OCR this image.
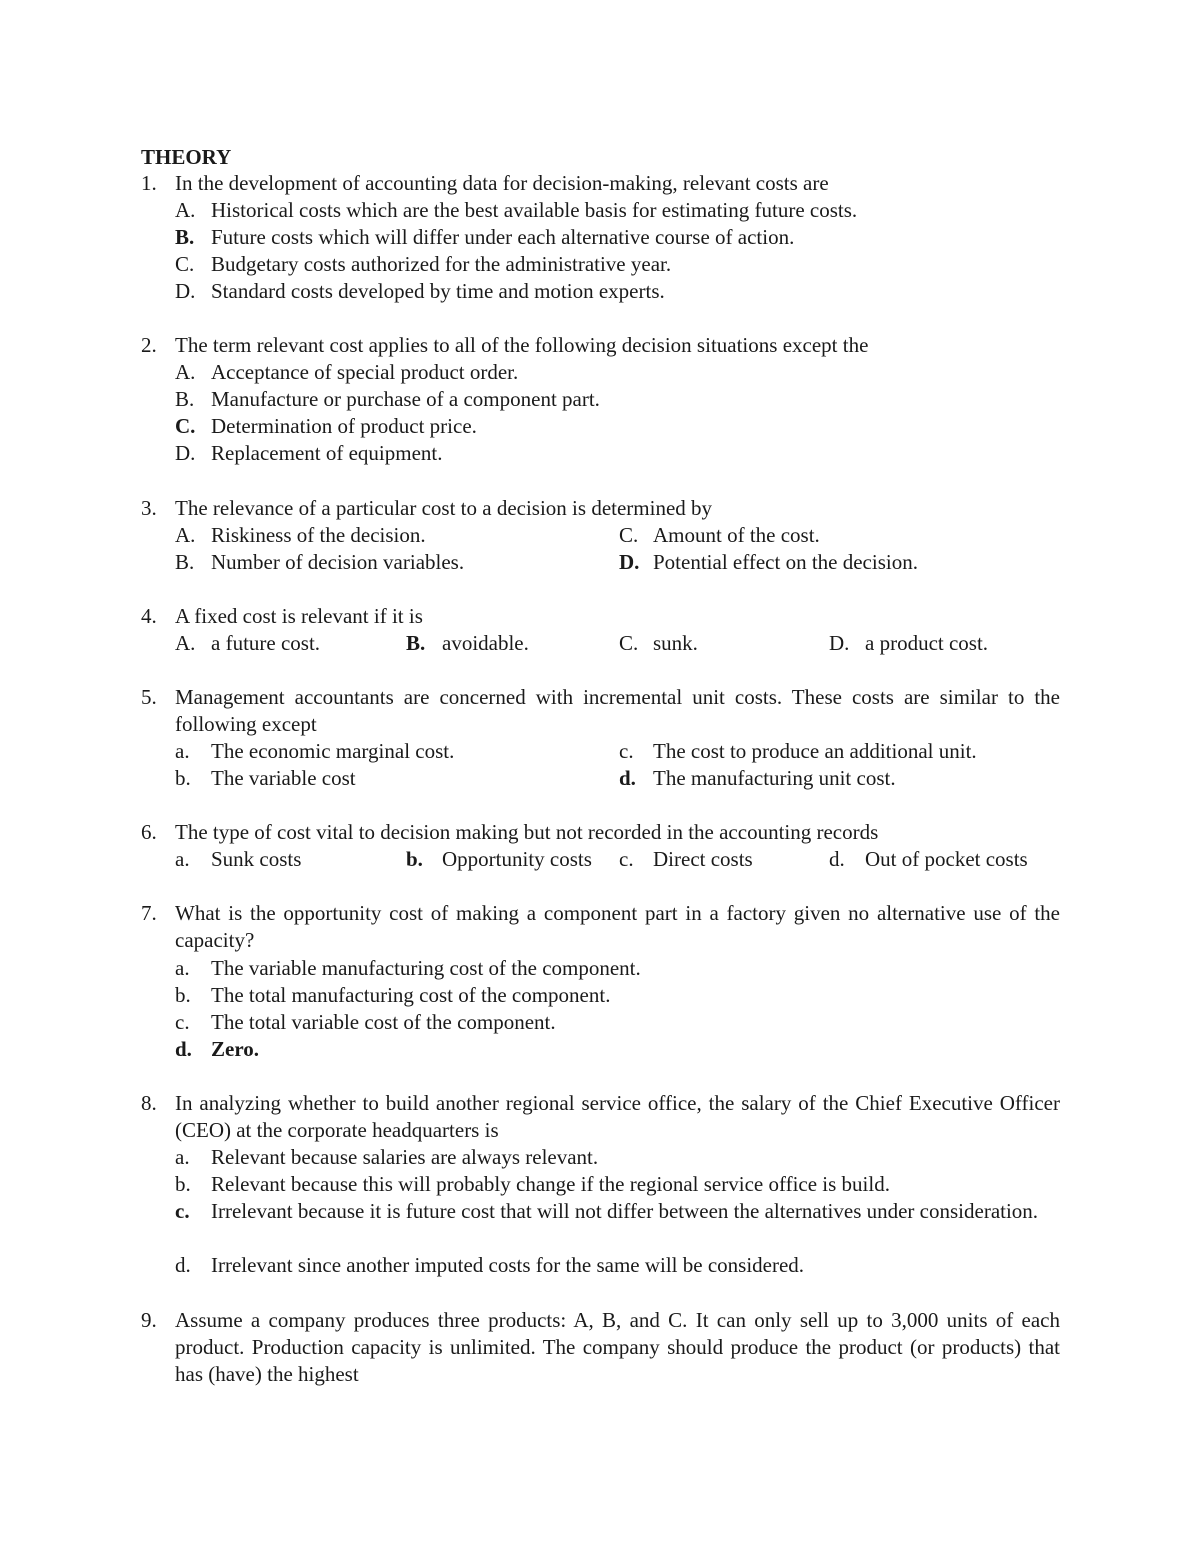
THEORY
1. In the development of accounting data for decision-making, relevant costs are
A. Historical costs which are the best available basis for estimating future costs.
B. Future costs which will differ under each alternative course of action.
C. Budgetary costs authorized for the administrative year.
D. Standard costs developed by time and motion experts.
2. The term relevant cost applies to all of the following decision situations except the
A. Acceptance of special product order.
B. Manufacture or purchase of a component part.
C. Determination of product price.
D. Replacement of equipment.
3. The relevance of a particular cost to a decision is determined by
A. Riskiness of the decision.	C. Amount of the cost.
B. Number of decision variables.	D. Potential effect on the decision.
4. A fixed cost is relevant if it is
A. a future cost.	B. avoidable.	C. sunk.	D. a product cost.
5. Management accountants are concerned with incremental unit costs. These costs are similar to the following except
a. The economic marginal cost.	c. The cost to produce an additional unit.
b. The variable cost	d. The manufacturing unit cost.
6. The type of cost vital to decision making but not recorded in the accounting records
a. Sunk costs	b. Opportunity costs c. Direct costs	d. Out of pocket costs
7. What is the opportunity cost of making a component part in a factory given no alternative use of the capacity?
a. The variable manufacturing cost of the component.
b. The total manufacturing cost of the component.
c. The total variable cost of the component.
d. Zero.
8. In analyzing whether to build another regional service office, the salary of the Chief Executive Officer (CEO) at the corporate headquarters is
a. Relevant because salaries are always relevant.
b. Relevant because this will probably change if the regional service office is build.
c. Irrelevant because it is future cost that will not differ between the alternatives under consideration.
d. Irrelevant since another imputed costs for the same will be considered.
9. Assume a company produces three products: A, B, and C. It can only sell up to 3,000 units of each product. Production capacity is unlimited. The company should produce the product (or products) that has (have) the highest
